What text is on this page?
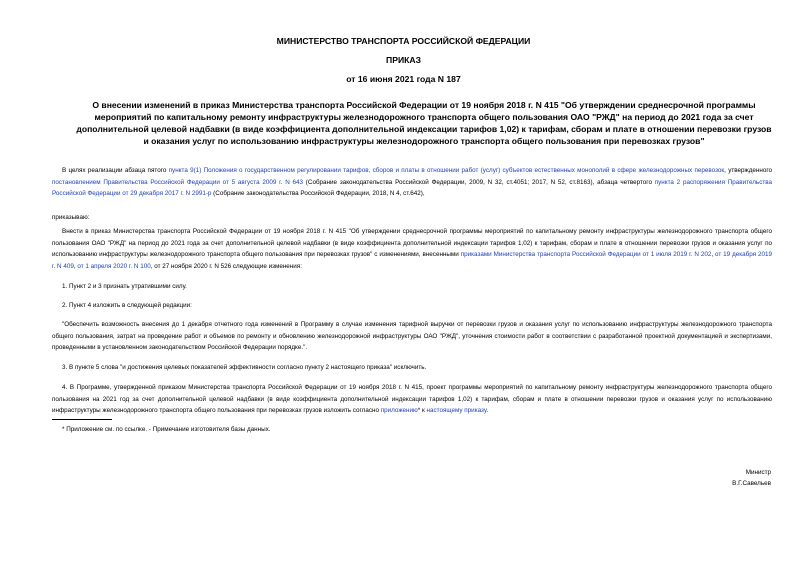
МИНИСТЕРСТВО ТРАНСПОРТА РОССИЙСКОЙ ФЕДЕРАЦИИ
ПРИКАЗ
от 16 июня 2021 года N 187
О внесении изменений в приказ Министерства транспорта Российской Федерации от 19 ноября 2018 г. N 415 "Об утверждении среднесрочной программы мероприятий по капитальному ремонту инфраструктуры железнодорожного транспорта общего пользования ОАО "РЖД" на период до 2021 года за счет дополнительной целевой надбавки (в виде коэффициента дополнительной индексации тарифов 1,02) к тарифам, сборам и плате в отношении перевозки грузов и оказания услуг по использованию инфраструктуры железнодорожного транспорта общего пользования при перевозках грузов"
В целях реализации абзаца пятого пункта 9(1) Положения о государственном регулировании тарифов, сборов и платы в отношении работ (услуг) субъектов естественных монополий в сфере железнодорожных перевозок, утвержденного постановлением Правительства Российской Федерации от 5 августа 2009 г. N 643 (Собрание законодательства Российской Федерации, 2009, N 32, ст.4051; 2017, N 52, ст.8163), абзаца четвертого пункта 2 распоряжения Правительства Российской Федерации от 29 декабря 2017 г. N 2991-р (Собрание законодательства Российской Федерации, 2018, N 4, ст.642),
приказываю:
Внести в приказ Министерства транспорта Российской Федерации от 19 ноября 2018 г. N 415 "Об утверждении среднесрочной программы мероприятий по капитальному ремонту инфраструктуры железнодорожного транспорта общего пользования ОАО "РЖД" на период до 2021 года за счет дополнительной целевой надбавки (в виде коэффициента дополнительной индексации тарифов 1,02) к тарифам, сборам и плате в отношении перевозки грузов и оказания услуг по использованию инфраструктуры железнодорожного транспорта общего пользования при перевозках грузов" с изменениями, внесенными приказами Министерства транспорта Российской Федерации от 1 июля 2019 г. N 202, от 19 декабря 2019 г. N 409, от 1 апреля 2020 г. N 100, от 27 ноября 2020 г. N 526 следующие изменения:
1. Пункт 2 и 3 признать утратившими силу.
2. Пункт 4 изложить в следующей редакции:
"Обеспечить возможность внесения до 1 декабря отчетного года изменений в Программу в случае изменения тарифной выручки от перевозки грузов и оказания услуг по использованию инфраструктуры железнодорожного транспорта общего пользования, затрат на проведение работ и объемов по ремонту и обновлению железнодорожной инфраструктуры ОАО "РЖД", уточнения стоимости работ в соответствии с разработанной проектной документацией и экспертизами, проведенными в установленном законодательством Российской Федерации порядке.".
3. В пункте 5 слова "и достижения целевых показателей эффективности согласно пункту 2 настоящего приказа" исключить.
4. В Программе, утвержденной приказом Министерства транспорта Российской Федерации от 19 ноября 2018 г. N 415, проект программы мероприятий по капитальному ремонту инфраструктуры железнодорожного транспорта общего пользования на 2021 год за счет дополнительной целевой надбавки (в виде коэффициента дополнительной индексации тарифов 1,02) к тарифам, сборам и плате в отношении перевозки грузов и оказания услуг по использованию инфраструктуры железнодорожного транспорта общего пользования при перевозках грузов изложить согласно приложению* к настоящему приказу.
* Приложение см. по ссылке. - Примечание изготовителя базы данных.
Министр
В.Г.Савельев
